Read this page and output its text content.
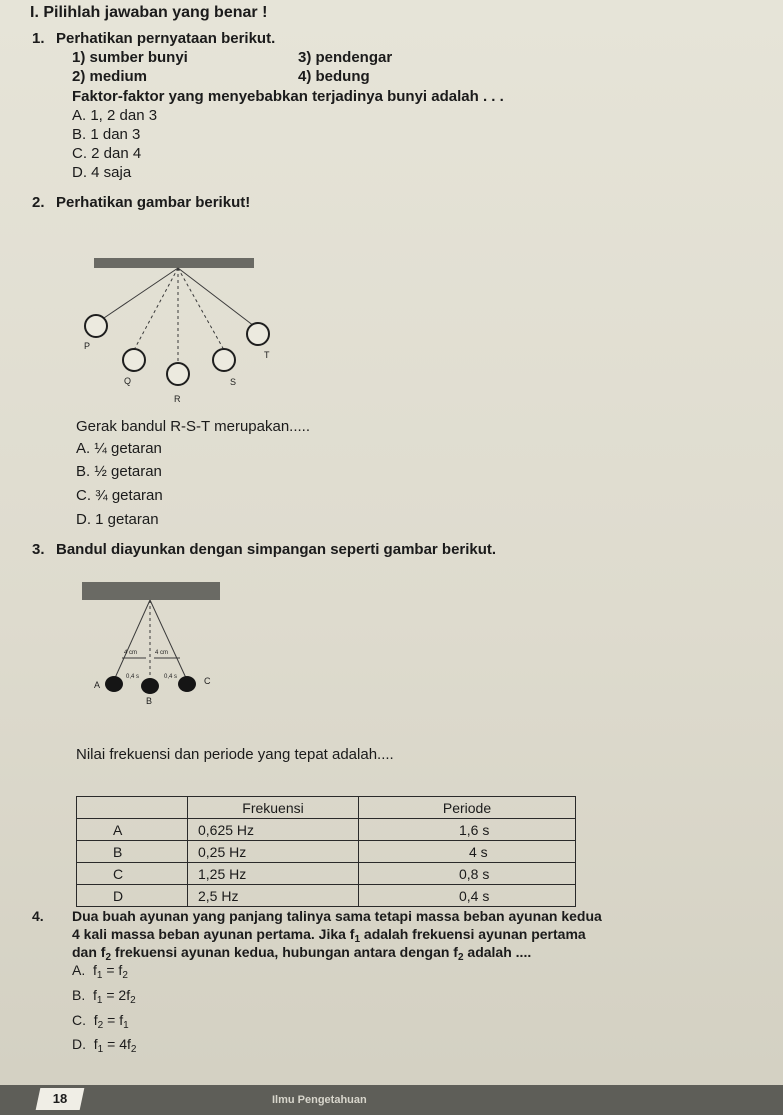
I. Pilihlah jawaban yang benar !
1. Perhatikan pernyataan berikut.
1) sumber bunyi	3) pendengar
2) medium	4) bedung
Faktor-faktor yang menyebabkan terjadinya bunyi adalah . . .
A. 1, 2 dan 3
B. 1 dan 3
C. 2 dan 4
D. 4 saja
2. Perhatikan gambar berikut!
P
Q
R
S
T
Gerak bandul R-S-T merupakan.....
A. ¼ getaran
B. ½ getaran
C. ¾ getaran
D. 1 getaran
3. Bandul diayunkan dengan simpangan seperti gambar berikut.
4 cm	4 cm
0,4 s	0,4 s
A
B
C
Nilai frekuensi dan periode yang tepat adalah....
	Frekuensi	Periode
A	0,625 Hz	1,6 s
B	0,25 Hz	4 s
C	1,25 Hz	0,8 s
D	2,5 Hz	0,4 s
4. Dua buah ayunan yang panjang talinya sama tetapi massa beban ayunan kedua
4 kali massa beban ayunan pertama. Jika $f_1$ adalah frekuensi ayunan pertama
dan $f_2$ frekuensi ayunan kedua, hubungan antara dengan $f_2$ adalah ....
A. $f_1 = f_2$
B. $f_1 = 2f_2$
C. $f_2 = f_1$
D. $f_1 = 4f_2$
18	Ilmu Pengetahuan
